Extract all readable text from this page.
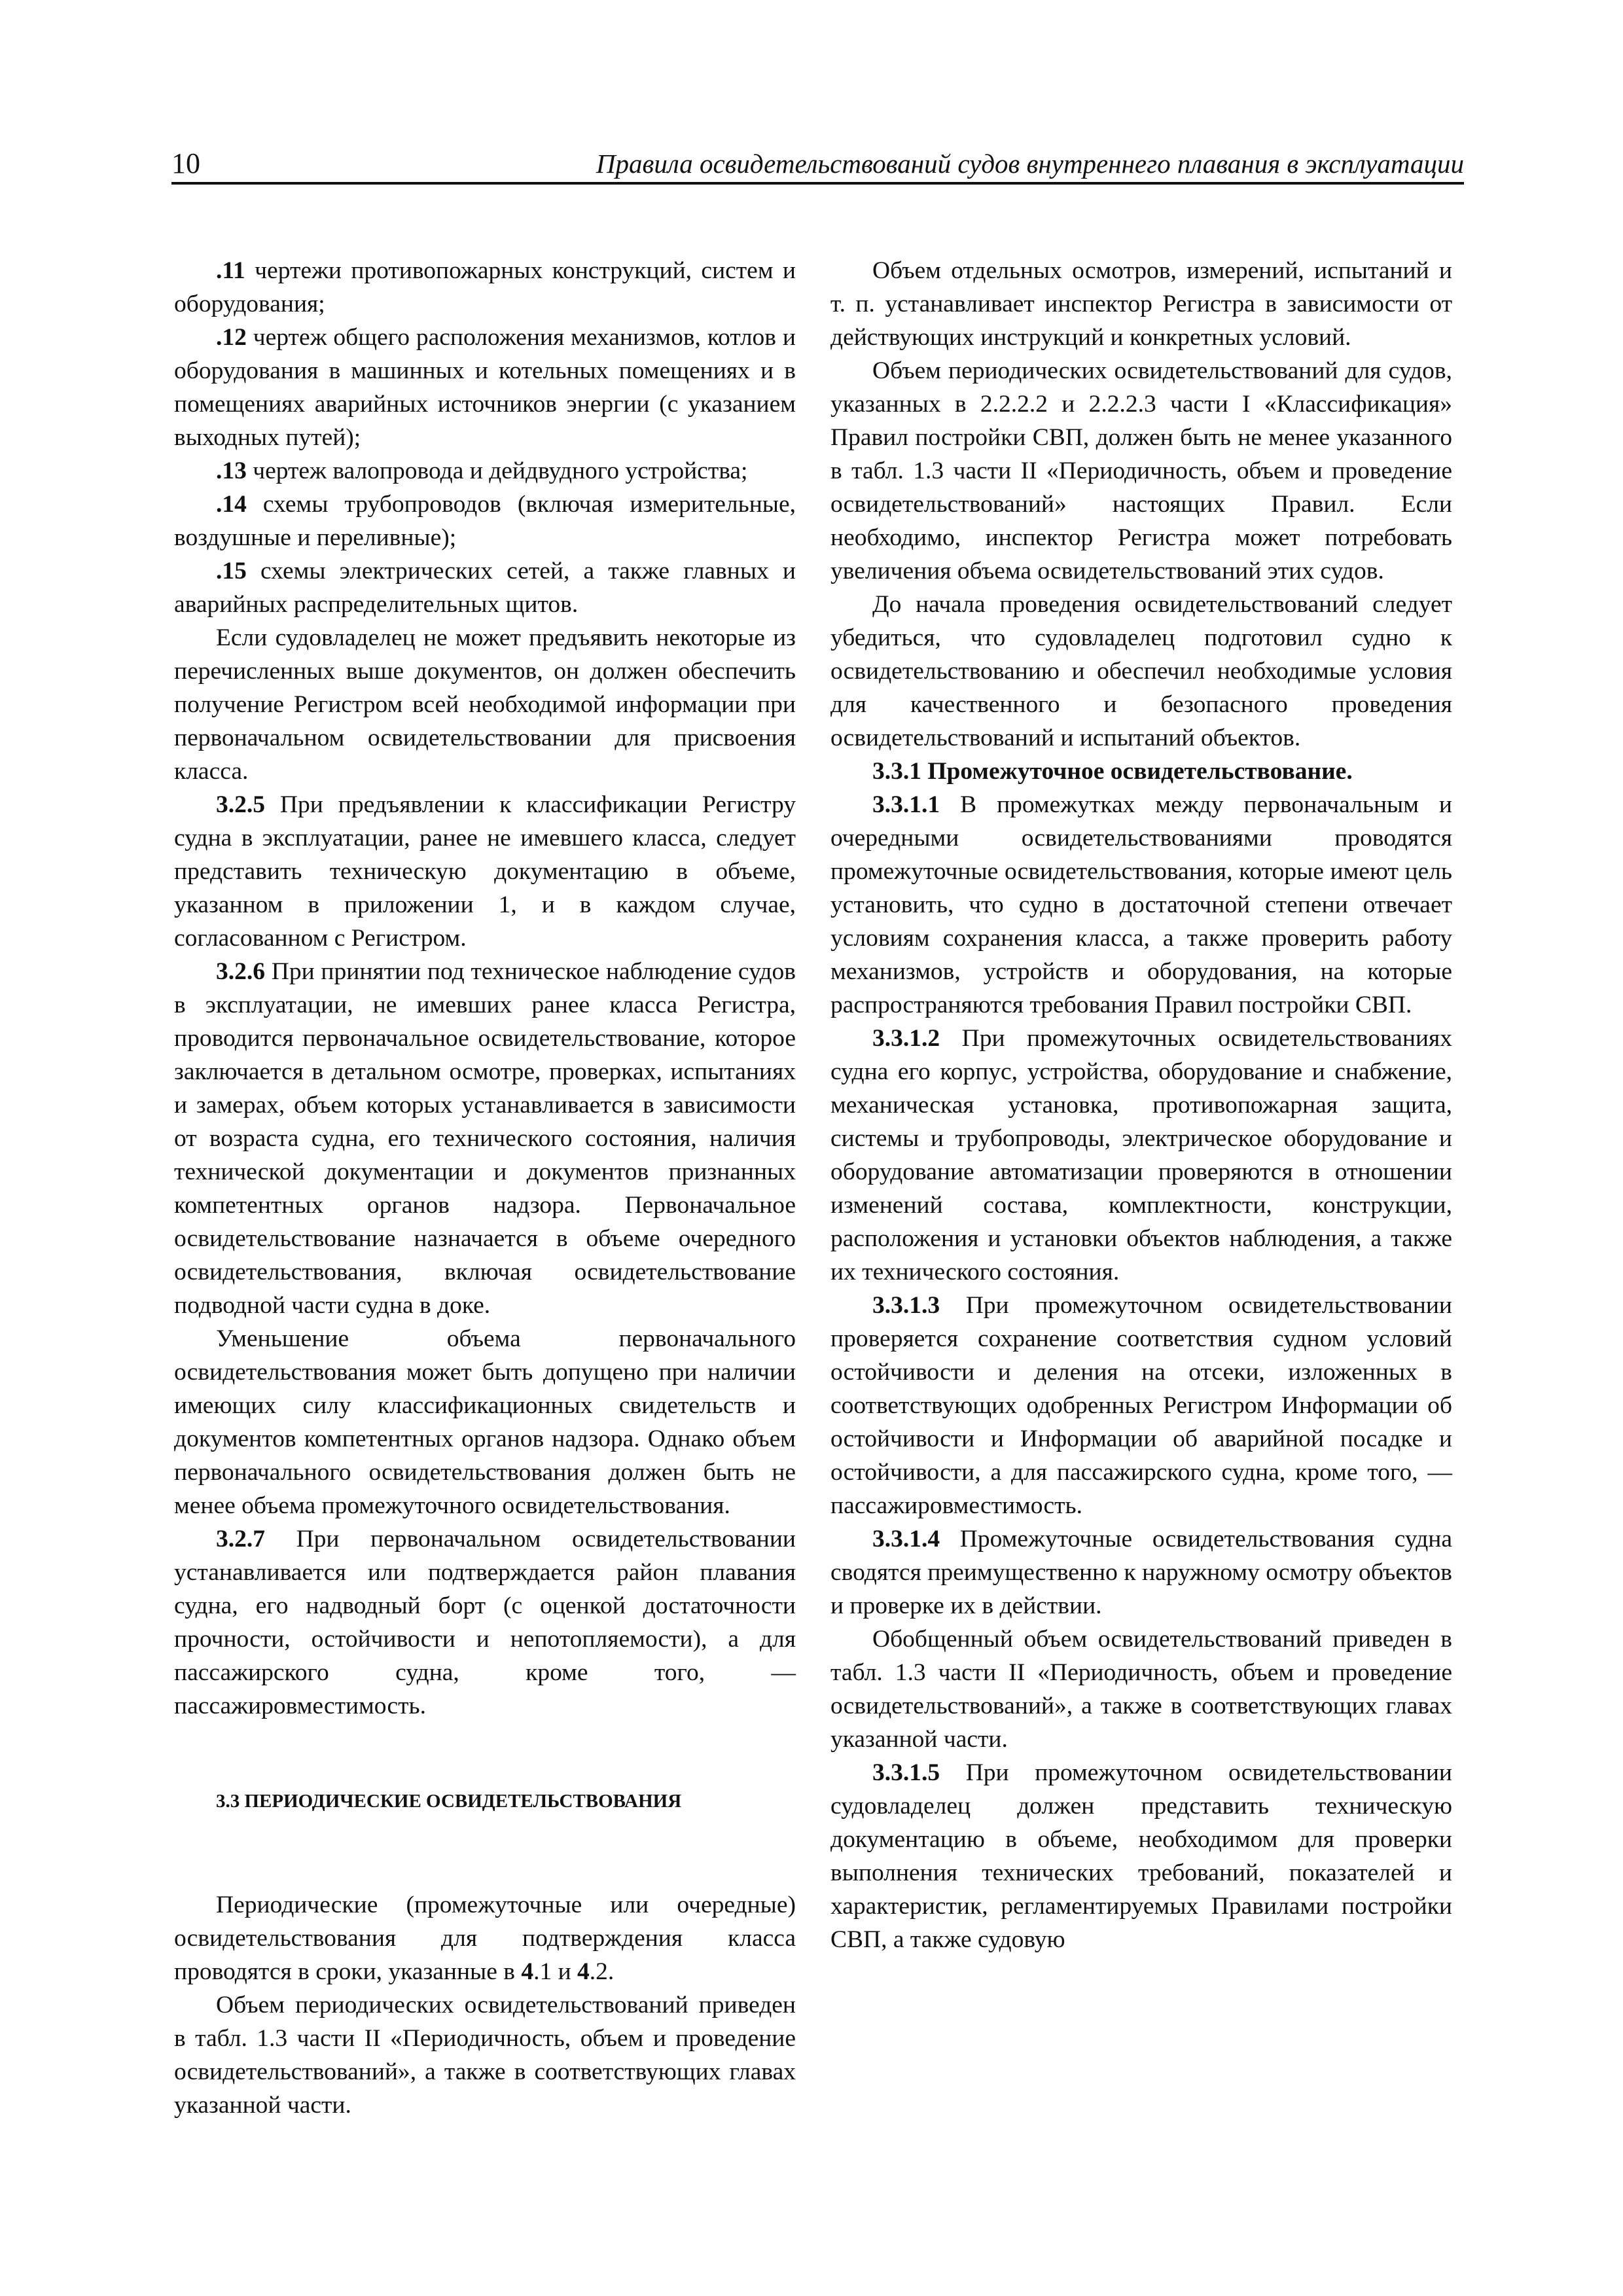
10	Правила освидетельствований судов внутреннего плавания в эксплуатации

.11 чертежи противопожарных конструкций, систем и оборудования;

.12 чертеж общего расположения механизмов, котлов и оборудования в машинных и котельных помещениях и в помещениях аварийных источников энергии (с указанием выходных путей);

.13 чертеж валопровода и дейдвудного устройства;

.14 схемы трубопроводов (включая измерительные, воздушные и переливные);

.15 схемы электрических сетей, а также главных и аварийных распределительных щитов.

Если судовладелец не может предъявить некоторые из перечисленных выше документов, он должен обеспечить получение Регистром всей необходимой информации при первоначальном освидетельствовании для присвоения класса.

3.2.5 При предъявлении к классификации Регистру судна в эксплуатации, ранее не имевшего класса, следует представить техническую документацию в объеме, указанном в приложении 1, и в каждом случае, согласованном с Регистром.

3.2.6 При принятии под техническое наблюдение судов в эксплуатации, не имевших ранее класса Регистра, проводится первоначальное освидетельствование, которое заключается в детальном осмотре, проверках, испытаниях и замерах, объем которых устанавливается в зависимости от возраста судна, его технического состояния, наличия технической документации и документов признанных компетентных органов надзора. Первоначальное освидетельствование назначается в объеме очередного освидетельствования, включая освидетельствование подводной части судна в доке.

Уменьшение объема первоначального освидетельствования может быть допущено при наличии имеющих силу классификационных свидетельств и документов компетентных органов надзора. Однако объем первоначального освидетельствования должен быть не менее объема промежуточного освидетельствования.

3.2.7 При первоначальном освидетельствовании устанавливается или подтверждается район плавания судна, его надводный борт (с оценкой достаточности прочности, остойчивости и непотопляемости), а для пассажирского судна, кроме того, — пассажировместимость.

3.3 ПЕРИОДИЧЕСКИЕ ОСВИДЕТЕЛЬСТВОВАНИЯ

Периодические (промежуточные или очередные) освидетельствования для подтверждения класса проводятся в сроки, указанные в 4.1 и 4.2.

Объем периодических освидетельствований приведен в табл. 1.3 части II «Периодичность, объем и проведение освидетельствований», а также в соответствующих главах указанной части.

Объем отдельных осмотров, измерений, испытаний и т. п. устанавливает инспектор Регистра в зависимости от действующих инструкций и конкретных условий.

Объем периодических освидетельствований для судов, указанных в 2.2.2.2 и 2.2.2.3 части I «Классификация» Правил постройки СВП, должен быть не менее указанного в табл. 1.3 части II «Периодичность, объем и проведение освидетельствований» настоящих Правил. Если необходимо, инспектор Регистра может потребовать увеличения объема освидетельствований этих судов.

До начала проведения освидетельствований следует убедиться, что судовладелец подготовил судно к освидетельствованию и обеспечил необходимые условия для качественного и безопасного проведения освидетельствований и испытаний объектов.

3.3.1 Промежуточное освидетельствование.

3.3.1.1 В промежутках между первоначальным и очередными освидетельствованиями проводятся промежуточные освидетельствования, которые имеют цель установить, что судно в достаточной степени отвечает условиям сохранения класса, а также проверить работу механизмов, устройств и оборудования, на которые распространяются требования Правил постройки СВП.

3.3.1.2 При промежуточных освидетельствованиях судна его корпус, устройства, оборудование и снабжение, механическая установка, противопожарная защита, системы и трубопроводы, электрическое оборудование и оборудование автоматизации проверяются в отношении изменений состава, комплектности, конструкции, расположения и установки объектов наблюдения, а также их технического состояния.

3.3.1.3 При промежуточном освидетельствовании проверяется сохранение соответствия судном условий остойчивости и деления на отсеки, изложенных в соответствующих одобренных Регистром Информации об остойчивости и Информации об аварийной посадке и остойчивости, а для пассажирского судна, кроме того, — пассажировместимость.

3.3.1.4 Промежуточные освидетельствования судна сводятся преимущественно к наружному осмотру объектов и проверке их в действии.

Обобщенный объем освидетельствований приведен в табл. 1.3 части II «Периодичность, объем и проведение освидетельствований», а также в соответствующих главах указанной части.

3.3.1.5 При промежуточном освидетельствовании судовладелец должен представить техническую документацию в объеме, необходимом для проверки выполнения технических требований, показателей и характеристик, регламентируемых Правилами постройки СВП, а также судовую
